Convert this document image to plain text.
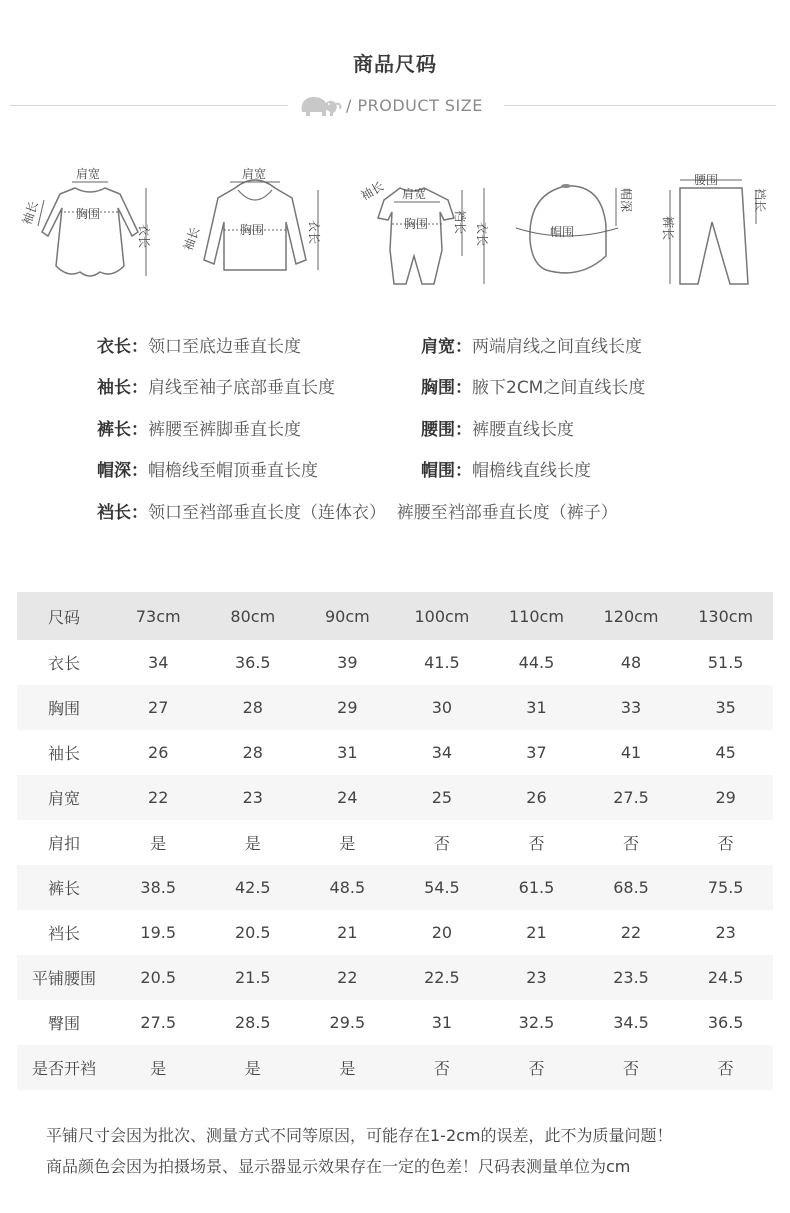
商品尺码
/ PRODUCT SIZE
肩宽
袖长	胸围
衣长
肩宽
袖长	胸围	衣长
袖长 肩宽
胸围 裆长 衣长	帽围
帽深
腰围
裤长
裆长
衣长：领口至底边垂直长度	肩宽：两端肩线之间直线长度
袖长：肩线至袖子底部垂直长度	胸围：腋下2CM之间直线长度
裤长：裤腰至裤脚垂直长度	腰围：裤腰直线长度
帽深：帽檐线至帽顶垂直长度	帽围：帽檐线直线长度
裆长：领口至裆部垂直长度（连体衣）  裤腰至裆部垂直长度（裤子）
尺码	73cm	80cm	90cm	100cm	110cm	120cm	130cm
衣长	34	36.5	39	41.5	44.5	48	51.5
胸围	27	28	29	30	31	33	35
袖长	26	28	31	34	37	41	45
肩宽	22	23	24	25	26	27.5	29
肩扣	是	是	是	否	否	否	否
裤长	38.5	42.5	48.5	54.5	61.5	68.5	75.5
裆长	19.5	20.5	21	20	21	22	23
平铺腰围	20.5	21.5	22	22.5	23	23.5	24.5
臀围	27.5	28.5	29.5	31	32.5	34.5	36.5
是否开裆	是	是	是	否	否	否	否
平铺尺寸会因为批次、测量方式不同等原因，可能存在1-2cm的误差，此不为质量问题！
商品颜色会因为拍摄场景、显示器显示效果存在一定的色差！尺码表测量单位为cm
